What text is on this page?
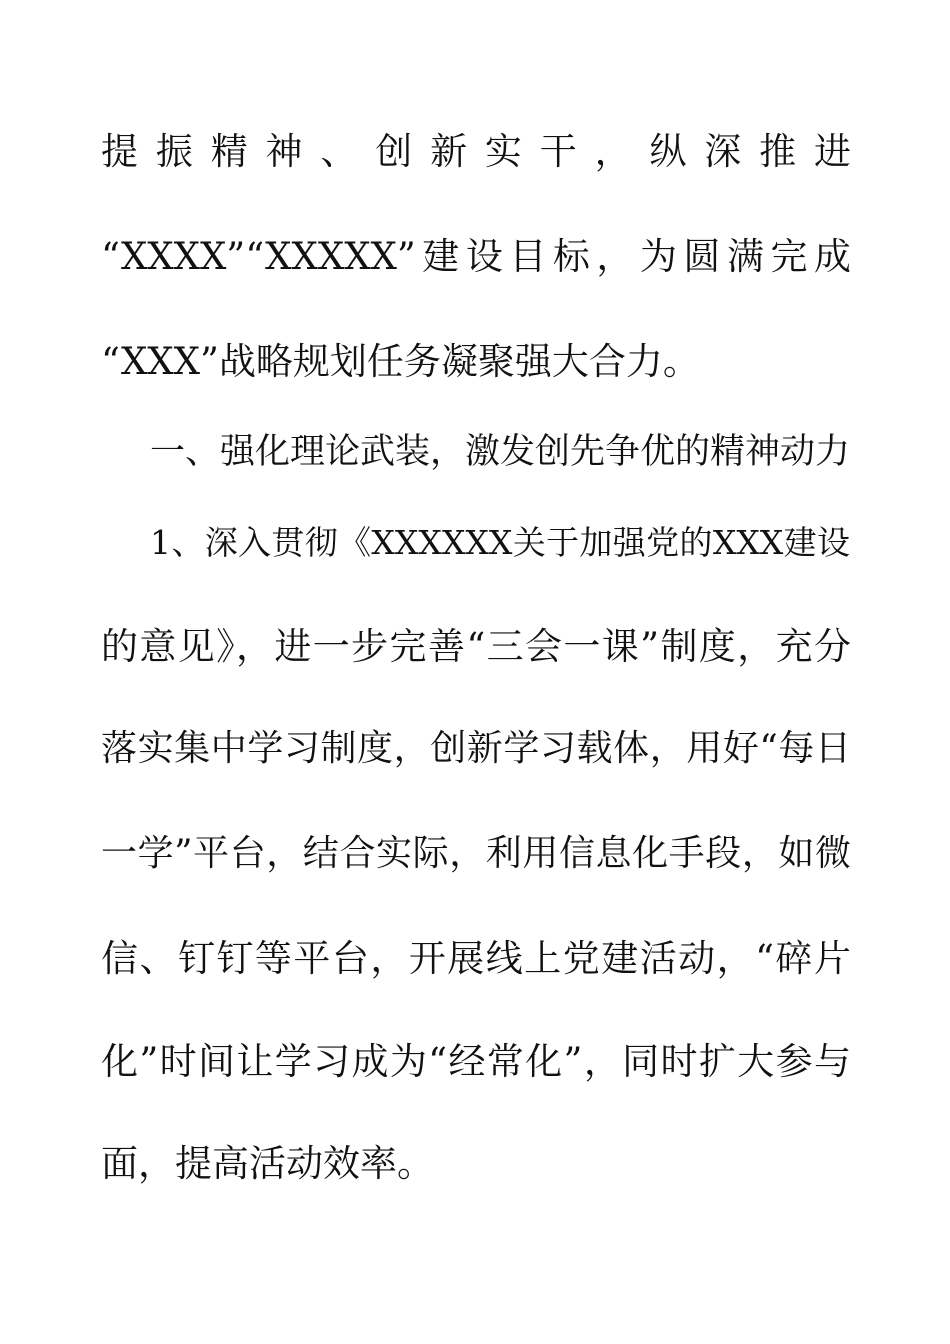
提振精神、创新实干，纵深推进
“XXXX”“XXXXX”建设目标，为圆满完成
“XXX”战略规划任务凝聚强大合力。
一、强化理论武装，激发创先争优的精神动力
1、深入贯彻《XXXXXX关于加强党的XXX建设
的意见》，进一步完善“三会一课”制度，充分
落实集中学习制度，创新学习载体，用好“每日
一学”平台，结合实际，利用信息化手段，如微
信、钉钉等平台，开展线上党建活动，“碎片
化”时间让学习成为“经常化”，同时扩大参与
面，提高活动效率。
